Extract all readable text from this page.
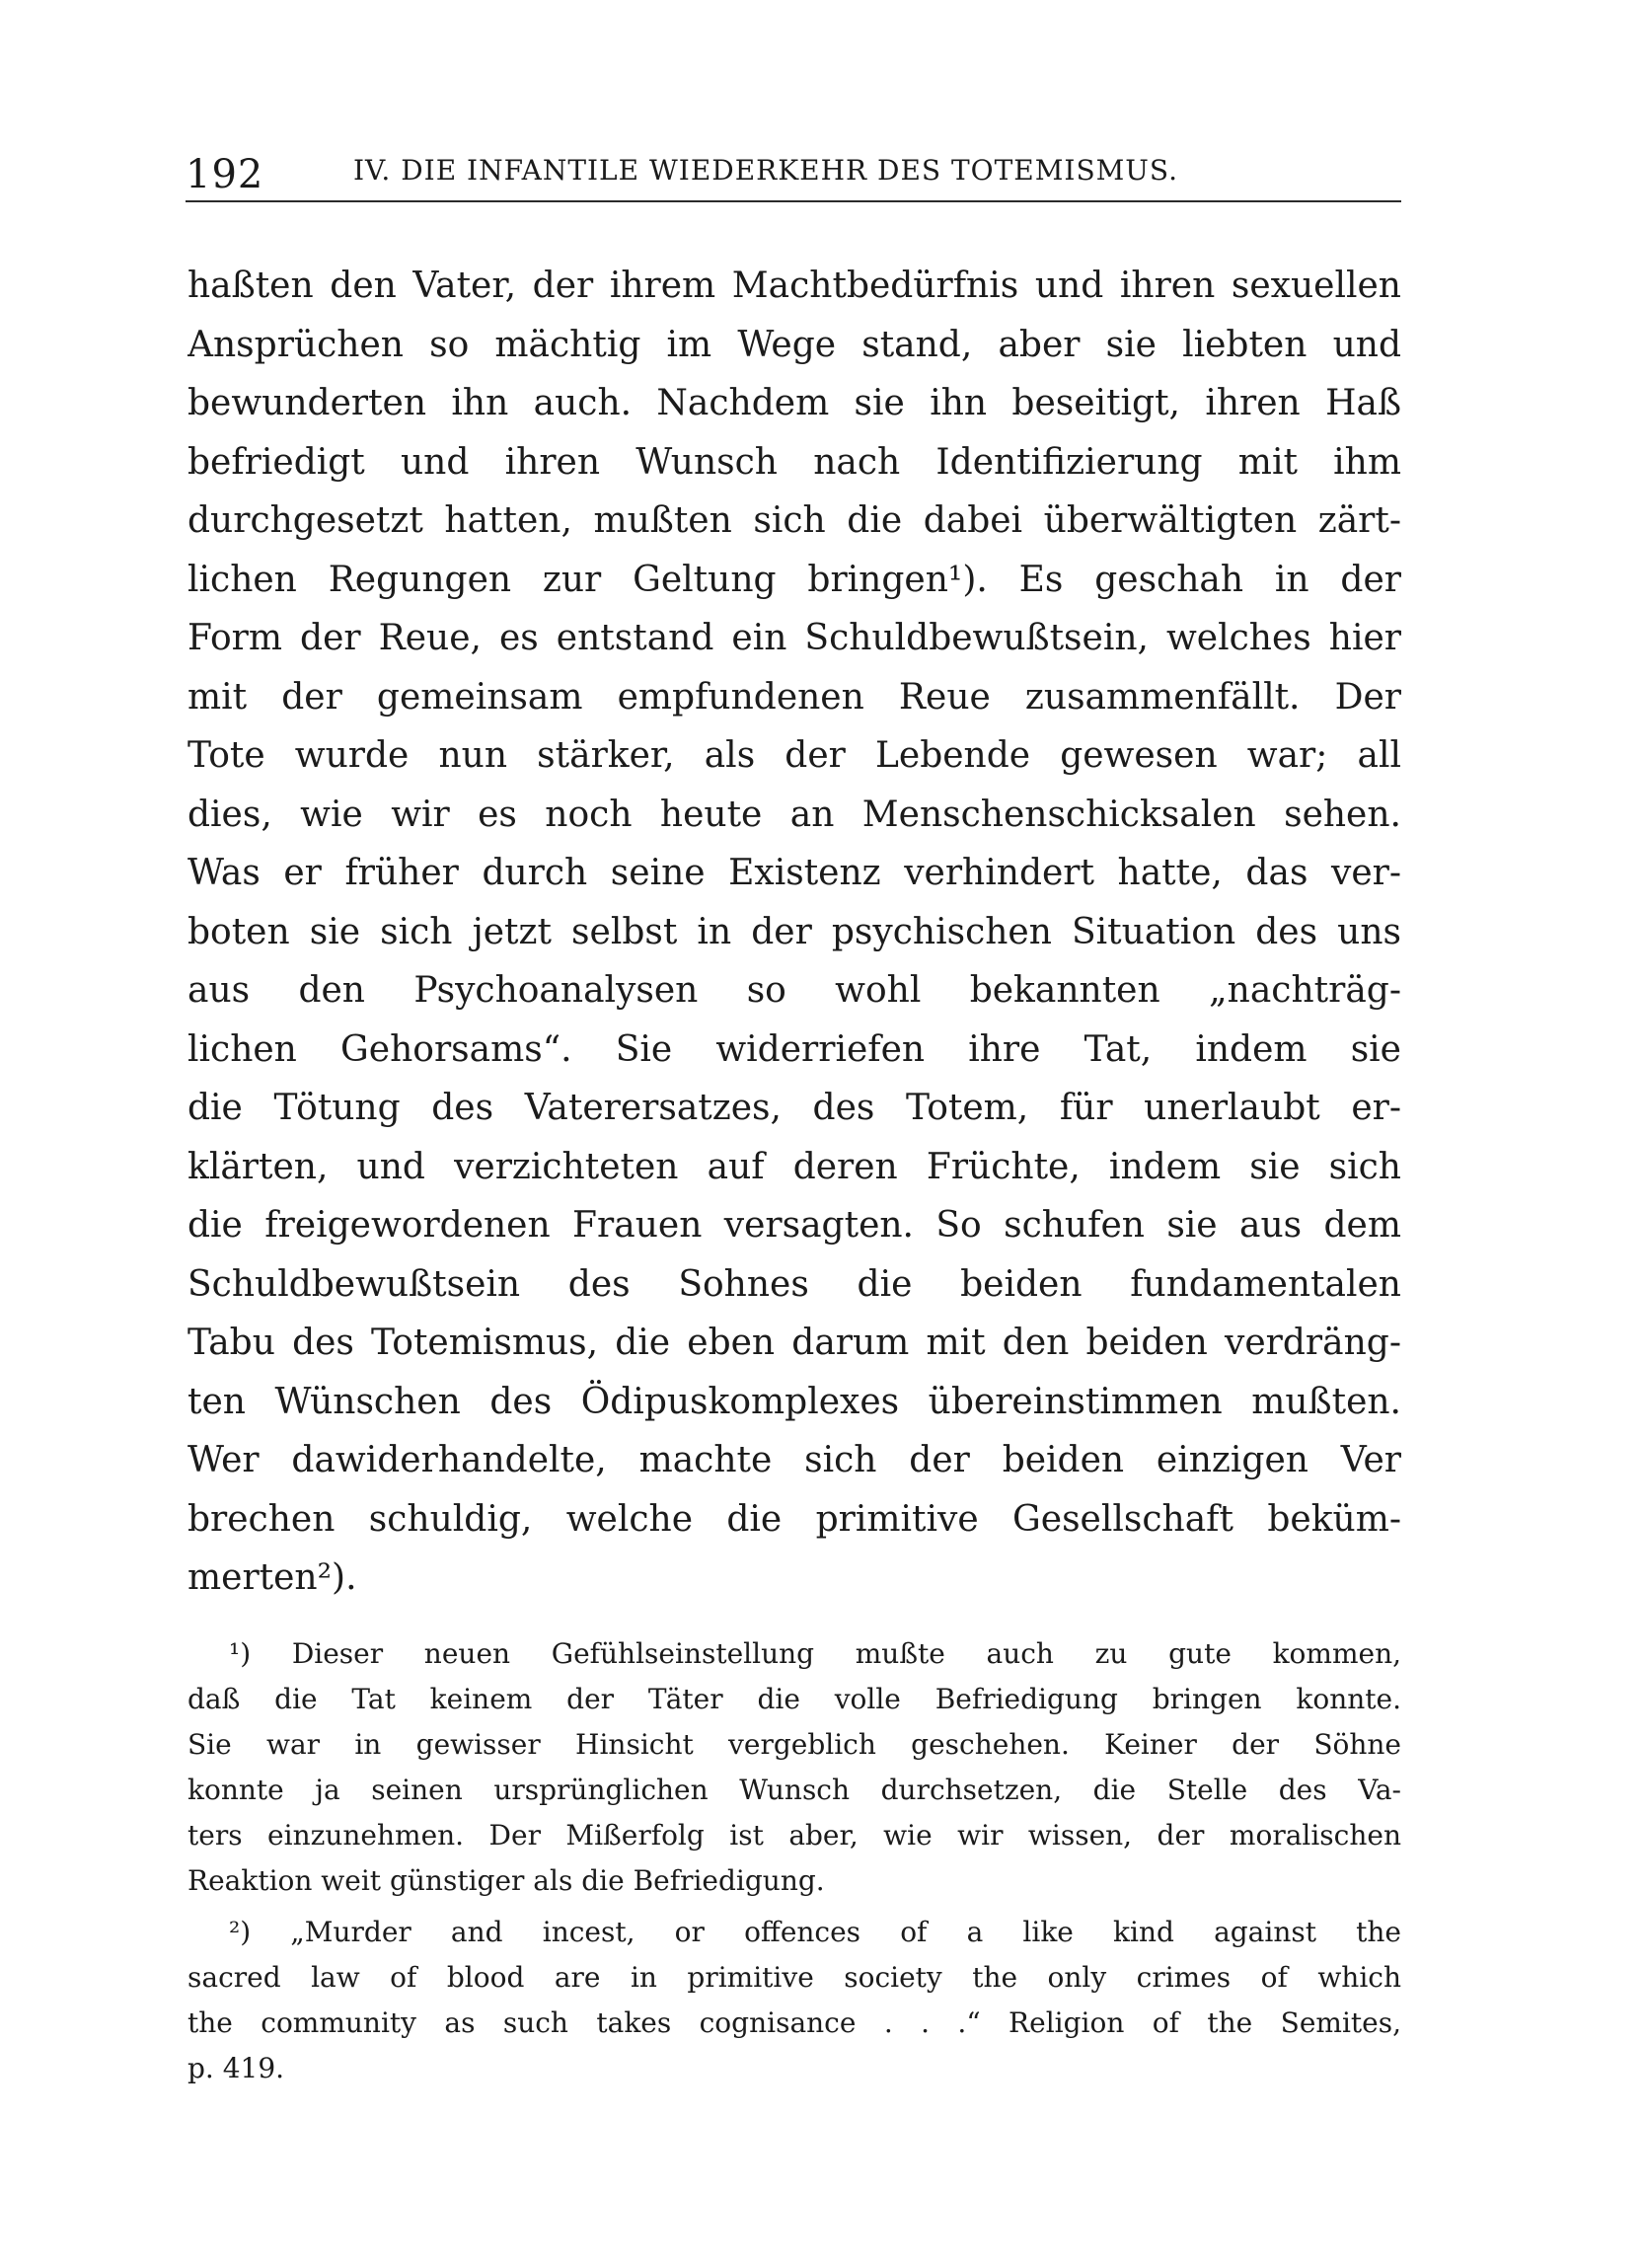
192	IV. DIE INFANTILE WIEDERKEHR DES TOTEMISMUS.
haßten den Vater, der ihrem Machtbedürfnis und ihren sexuellen
Ansprüchen so mächtig im Wege stand, aber sie liebten und
bewunderten ihn auch. Nachdem sie ihn beseitigt, ihren Haß
befriedigt und ihren Wunsch nach Identifizierung mit ihm
durchgesetzt hatten, mußten sich die dabei überwältigten zärt-
lichen Regungen zur Geltung bringen¹). Es geschah in der
Form der Reue, es entstand ein Schuldbewußtsein, welches hier
mit der gemeinsam empfundenen Reue zusammenfällt. Der
Tote wurde nun stärker, als der Lebende gewesen war; all
dies, wie wir es noch heute an Menschenschicksalen sehen.
Was er früher durch seine Existenz verhindert hatte, das ver-
boten sie sich jetzt selbst in der psychischen Situation des uns
aus den Psychoanalysen so wohl bekannten „nachträg-
lichen Gehorsams“. Sie widerriefen ihre Tat, indem sie
die Tötung des Vaterersatzes, des Totem, für unerlaubt er-
klärten, und verzichteten auf deren Früchte, indem sie sich
die freigewordenen Frauen versagten. So schufen sie aus dem
Schuldbewußtsein des Sohnes die beiden fundamentalen
Tabu des Totemismus, die eben darum mit den beiden verdräng-
ten Wünschen des Ödipuskomplexes übereinstimmen mußten.
Wer dawiderhandelte, machte sich der beiden einzigen Ver
brechen schuldig, welche die primitive Gesellschaft beküm-
merten²).
¹) Dieser neuen Gefühlseinstellung mußte auch zu gute kommen,
daß die Tat keinem der Täter die volle Befriedigung bringen konnte.
Sie war in gewisser Hinsicht vergeblich geschehen. Keiner der Söhne
konnte ja seinen ursprünglichen Wunsch durchsetzen, die Stelle des Va-
ters einzunehmen. Der Mißerfolg ist aber, wie wir wissen, der moralischen
Reaktion weit günstiger als die Befriedigung.
²) „Murder and incest, or offences of a like kind against the
sacred law of blood are in primitive society the only crimes of which
the community as such takes cognisance . . .“ Religion of the Semites,
p. 419.
